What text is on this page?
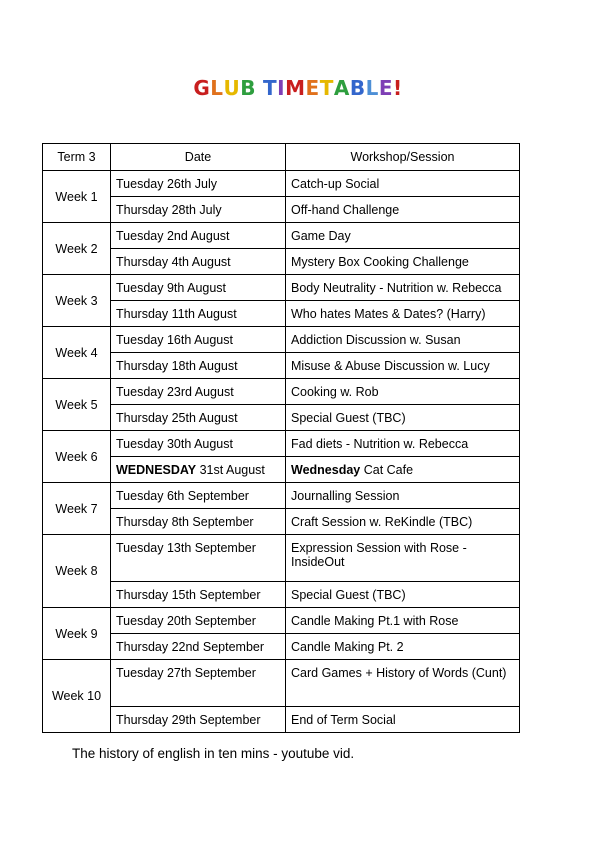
GLUB TIMETABLE!
Term 3	Date	Workshop/Session
Week 1	Tuesday 26th July	Catch-up Social
	Thursday 28th July	Off-hand Challenge
Week 2	Tuesday 2nd August	Game Day
	Thursday 4th August	Mystery Box Cooking Challenge
Week 3	Tuesday 9th August	Body Neutrality - Nutrition w. Rebecca
	Thursday 11th August	Who hates Mates & Dates? (Harry)
Week 4	Tuesday 16th August	Addiction Discussion w. Susan
	Thursday 18th August	Misuse & Abuse Discussion w. Lucy
Week 5	Tuesday 23rd August	Cooking w. Rob
	Thursday 25th August	Special Guest (TBC)
Week 6	Tuesday 30th August	Fad diets - Nutrition w. Rebecca
	WEDNESDAY 31st August	Wednesday Cat Cafe
Week 7	Tuesday 6th September	Journalling Session
	Thursday 8th September	Craft Session w. ReKindle (TBC)
Week 8	Tuesday 13th September	Expression Session with Rose -InsideOut
	Thursday 15th September	Special Guest (TBC)
Week 9	Tuesday 20th September	Candle Making Pt.1 with Rose
	Thursday 22nd September	Candle Making Pt. 2
Week 10	Tuesday 27th September	Card Games + History of Words (Cunt)
	Thursday 29th September	End of Term Social
The history of english in ten mins - youtube vid.
